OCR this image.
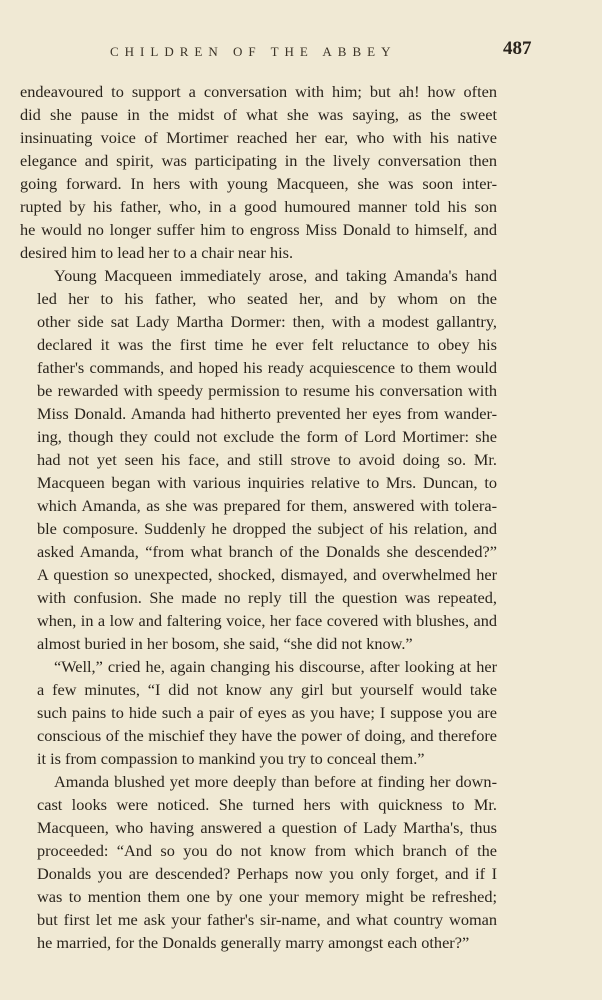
CHILDREN OF THE ABBEY	487
endeavoured to support a conversation with him; but ah! how often
did she pause in the midst of what she was saying, as the sweet
insinuating voice of Mortimer reached her ear, who with his native
elegance and spirit, was participating in the lively conversation then
going forward. In hers with young Macqueen, she was soon inter-
rupted by his father, who, in a good humoured manner told his son
he would no longer suffer him to engross Miss Donald to himself, and
desired him to lead her to a chair near his.
Young Macqueen immediately arose, and taking Amanda's hand
led her to his father, who seated her, and by whom on the
other side sat Lady Martha Dormer: then, with a modest gallantry,
declared it was the first time he ever felt reluctance to obey his
father's commands, and hoped his ready acquiescence to them would
be rewarded with speedy permission to resume his conversation with
Miss Donald. Amanda had hitherto prevented her eyes from wander-
ing, though they could not exclude the form of Lord Mortimer: she
had not yet seen his face, and still strove to avoid doing so. Mr.
Macqueen began with various inquiries relative to Mrs. Duncan, to
which Amanda, as she was prepared for them, answered with tolera-
ble composure. Suddenly he dropped the subject of his relation, and
asked Amanda, “from what branch of the Donalds she descended?”
A question so unexpected, shocked, dismayed, and overwhelmed her
with confusion. She made no reply till the question was repeated,
when, in a low and faltering voice, her face covered with blushes, and
almost buried in her bosom, she said, “she did not know.”
“Well,” cried he, again changing his discourse, after looking at her
a few minutes, “I did not know any girl but yourself would take
such pains to hide such a pair of eyes as you have; I suppose you are
conscious of the mischief they have the power of doing, and therefore
it is from compassion to mankind you try to conceal them.”
Amanda blushed yet more deeply than before at finding her down-
cast looks were noticed. She turned hers with quickness to Mr.
Macqueen, who having answered a question of Lady Martha's, thus
proceeded: “And so you do not know from which branch of the
Donalds you are descended? Perhaps now you only forget, and if I
was to mention them one by one your memory might be refreshed;
but first let me ask your father's sir-name, and what country woman
he married, for the Donalds generally marry amongst each other?”
